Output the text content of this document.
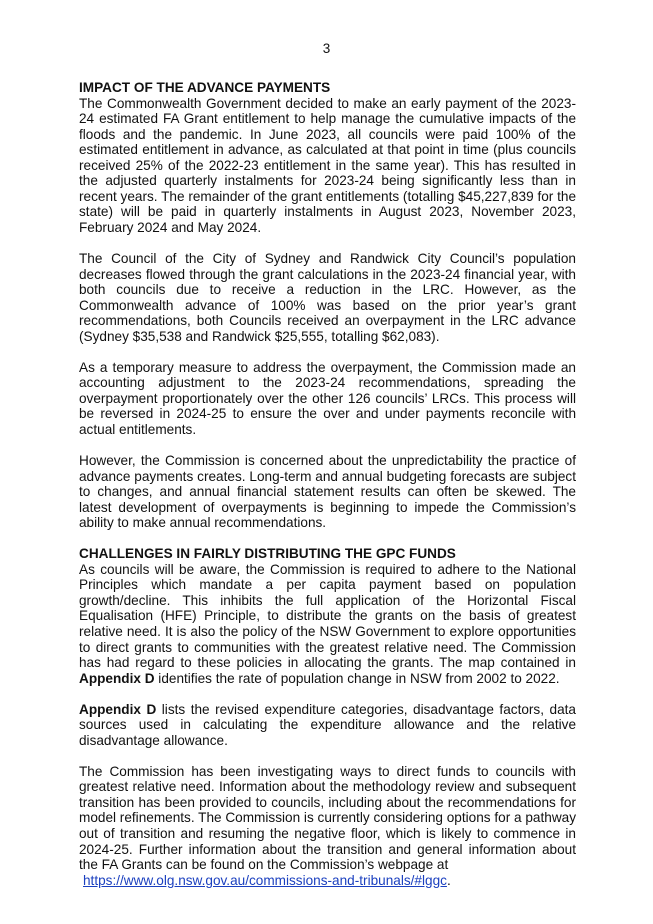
3

IMPACT OF THE ADVANCE PAYMENTS

The Commonwealth Government decided to make an early payment of the 2023-24 estimated FA Grant entitlement to help manage the cumulative impacts of the floods and the pandemic. In June 2023, all councils were paid 100% of the estimated entitlement in advance, as calculated at that point in time (plus councils received 25% of the 2022-23 entitlement in the same year). This has resulted in the adjusted quarterly instalments for 2023-24 being significantly less than in recent years. The remainder of the grant entitlements (totalling $45,227,839 for the state) will be paid in quarterly instalments in August 2023, November 2023, February 2024 and May 2024.

The Council of the City of Sydney and Randwick City Council’s population decreases flowed through the grant calculations in the 2023-24 financial year, with both councils due to receive a reduction in the LRC. However, as the Commonwealth advance of 100% was based on the prior year’s grant recommendations, both Councils received an overpayment in the LRC advance (Sydney $35,538 and Randwick $25,555, totalling $62,083).

As a temporary measure to address the overpayment, the Commission made an accounting adjustment to the 2023-24 recommendations, spreading the overpayment proportionately over the other 126 councils’ LRCs. This process will be reversed in 2024-25 to ensure the over and under payments reconcile with actual entitlements.

However, the Commission is concerned about the unpredictability the practice of advance payments creates. Long-term and annual budgeting forecasts are subject to changes, and annual financial statement results can often be skewed. The latest development of overpayments is beginning to impede the Commission’s ability to make annual recommendations.

CHALLENGES IN FAIRLY DISTRIBUTING THE GPC FUNDS

As councils will be aware, the Commission is required to adhere to the National Principles which mandate a per capita payment based on population growth/decline. This inhibits the full application of the Horizontal Fiscal Equalisation (HFE) Principle, to distribute the grants on the basis of greatest relative need. It is also the policy of the NSW Government to explore opportunities to direct grants to communities with the greatest relative need. The Commission has had regard to these policies in allocating the grants. The map contained in Appendix D identifies the rate of population change in NSW from 2002 to 2022.

Appendix D lists the revised expenditure categories, disadvantage factors, data sources used in calculating the expenditure allowance and the relative disadvantage allowance.

The Commission has been investigating ways to direct funds to councils with greatest relative need. Information about the methodology review and subsequent transition has been provided to councils, including about the recommendations for model refinements. The Commission is currently considering options for a pathway out of transition and resuming the negative floor, which is likely to commence in 2024-25. Further information about the transition and general information about the FA Grants can be found on the Commission’s webpage at

https://www.olg.nsw.gov.au/commissions-and-tribunals/#lggc.
